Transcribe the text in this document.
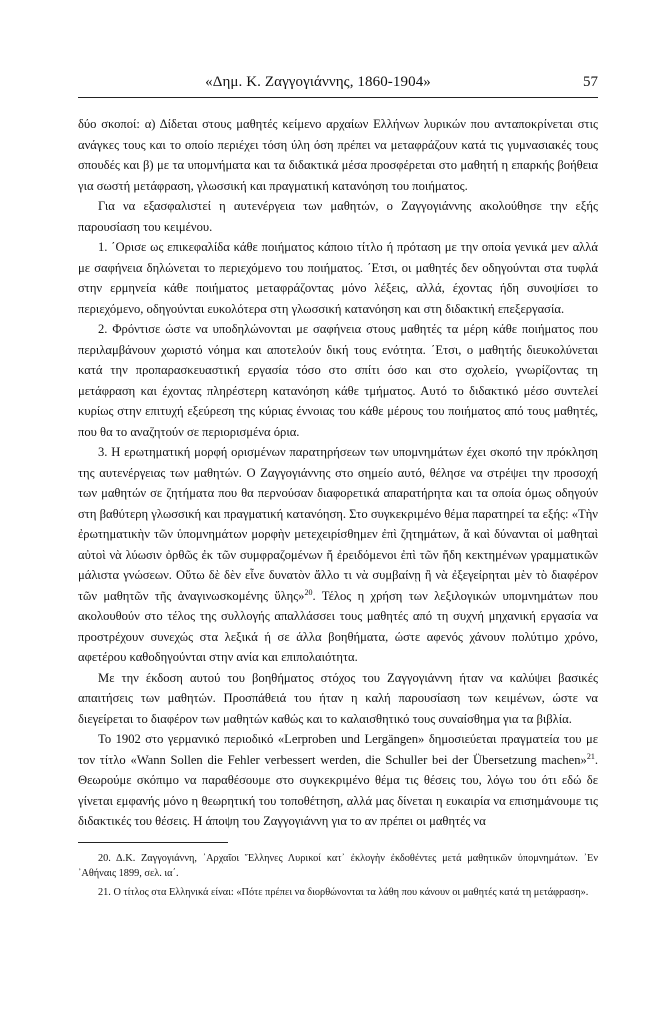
«Δημ. Κ. Ζαγγογιάννης, 1860-1904»	57

δύο σκοποί: α) Δίδεται στους μαθητές κείμενο αρχαίων Ελλήνων λυρικών που ανταποκρίνεται στις ανάγκες τους και το οποίο περιέχει τόση ύλη όση πρέπει να μεταφράζουν κατά τις γυμνασιακές τους σπουδές και β) με τα υπομνήματα και τα διδακτικά μέσα προσφέρεται στο μαθητή η επαρκής βοήθεια για σωστή μετάφραση, γλωσσική και πραγματική κατανόηση του ποιήματος.

Για να εξασφαλιστεί η αυτενέργεια των μαθητών, ο Ζαγγογιάννης ακολούθησε την εξής παρουσίαση του κειμένου.

1. ΄Ορισε ως επικεφαλίδα κάθε ποιήματος κάποιο τίτλο ή πρόταση με την οποία γενικά μεν αλλά με σαφήνεια δηλώνεται το περιεχόμενο του ποιήματος. ΄Ετσι, οι μαθητές δεν οδηγούνται στα τυφλά στην ερμηνεία κάθε ποιήματος μεταφράζοντας μόνο λέξεις, αλλά, έχοντας ήδη συνοψίσει το περιεχόμενο, οδηγούνται ευκολότερα στη γλωσσική κατανόηση και στη διδακτική επεξεργασία.

2. Φρόντισε ώστε να υποδηλώνονται με σαφήνεια στους μαθητές τα μέρη κάθε ποιήματος που περιλαμβάνουν χωριστό νόημα και αποτελούν δική τους ενότητα. ΄Ετσι, ο μαθητής διευκολύνεται κατά την προπαρασκευαστική εργασία τόσο στο σπίτι όσο και στο σχολείο, γνωρίζοντας τη μετάφραση και έχοντας πληρέστερη κατανόηση κάθε τμήματος. Αυτό το διδακτικό μέσο συντελεί κυρίως στην επιτυχή εξεύρεση της κύριας έννοιας του κάθε μέρους του ποιήματος από τους μαθητές, που θα το αναζητούν σε περιορισμένα όρια.

3. Η ερωτηματική μορφή ορισμένων παρατηρήσεων των υπομνημάτων έχει σκοπό την πρόκληση της αυτενέργειας των μαθητών. Ο Ζαγγογιάννης στο σημείο αυτό, θέλησε να στρέψει την προσοχή των μαθητών σε ζητήματα που θα περνούσαν διαφορετικά απαρατήρητα και τα οποία όμως οδηγούν στη βαθύτερη γλωσσική και πραγματική κατανόηση. Στο συγκεκριμένο θέμα παρατηρεί τα εξής: «Τὴν ἐρωτηματικὴν τῶν ὑπομνημάτων μορφὴν μετεχειρίσθημεν ἐπὶ ζητημάτων, ἅ καὶ δύνανται οἱ μαθηταὶ αὐτοὶ νὰ λύωσιν ὀρθῶς ἐκ τῶν συμφραζομένων ἤ ἐρειδόμενοι ἐπὶ τῶν ἤδη κεκτημένων γραμματικῶν μάλιστα γνώσεων. Οὕτω δὲ δὲν εἶνε δυνατὸν ἄλλο τι νὰ συμβαίνῃ ἢ νὰ ἐξεγείρηται μὲν τὸ διαφέρον τῶν μαθητῶν τῆς ἀναγινωσκομένης ὕλης»$^{20}$. Τέλος η χρήση των λεξιλογικών υπομνημάτων που ακολουθούν στο τέλος της συλλογής απαλλάσσει τους μαθητές από τη συχνή μηχανική εργασία να προστρέχουν συνεχώς στα λεξικά ή σε άλλα βοηθήματα, ώστε αφενός χάνουν πολύτιμο χρόνο, αφετέρου καθοδηγούνται στην ανία και επιπολαιότητα.

Με την έκδοση αυτού του βοηθήματος στόχος του Ζαγγογιάννη ήταν να καλύψει βασικές απαιτήσεις των μαθητών. Προσπάθειά του ήταν η καλή παρουσίαση των κειμένων, ώστε να διεγείρεται το διαφέρον των μαθητών καθώς και το καλαισθητικό τους συναίσθημα για τα βιβλία.

Το 1902 στο γερμανικό περιοδικό «Lerproben und Lergängen» δημοσιεύεται πραγματεία του με τον τίτλο «Wann Sollen die Fehler verbessert werden, die Schuller bei der Übersetzung machen»$^{21}$. Θεωρούμε σκόπιμο να παραθέσουμε στο συγκεκριμένο θέμα τις θέσεις του, λόγω του ότι εδώ δε γίνεται εμφανής μόνο η θεωρητική του τοποθέτηση, αλλά μας δίνεται η ευκαιρία να επισημάνουμε τις διδακτικές του θέσεις. Η άποψη του Ζαγγογιάννη για το αν πρέπει οι μαθητές να

20. Δ.Κ. Ζαγγογιάννη, ᾿Αρχαῖοι Ἕλληνες Λυρικοί κατ᾿ ἐκλογὴν ἐκδοθέντες μετά μαθητικῶν ὑπομνημάτων. ᾿Εν ᾿Αθήναις 1899, σελ. ια΄.

21. Ο τίτλος στα Ελληνικά είναι: «Πότε πρέπει να διορθώνονται τα λάθη που κάνουν οι μαθητές κατά τη μετάφραση».
